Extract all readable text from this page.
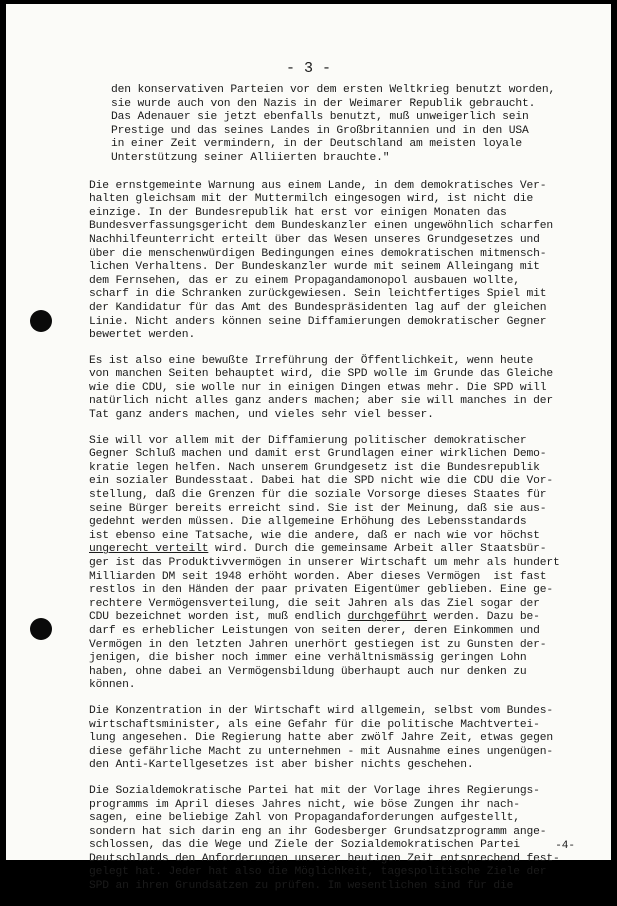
- 3 -
den konservativen Parteien vor dem ersten Weltkrieg benutzt worden,
sie wurde auch von den Nazis in der Weimarer Republik gebraucht.
Das Adenauer sie jetzt ebenfalls benutzt, muß unweigerlich sein
Prestige und das seines Landes in Großbritannien und in den USA
in einer Zeit vermindern, in der Deutschland am meisten loyale
Unterstützung seiner Alliierten brauchte."
Die ernstgemeinte Warnung aus einem Lande, in dem demokratisches Ver-
halten gleichsam mit der Muttermilch eingesogen wird, ist nicht die
einzige. In der Bundesrepublik hat erst vor einigen Monaten das
Bundesverfassungsgericht dem Bundeskanzler einen ungewöhnlich scharfen
Nachhilfeunterricht erteilt über das Wesen unseres Grundgesetzes und
über die menschenwürdigen Bedingungen eines demokratischen mitmensch-
lichen Verhaltens. Der Bundeskanzler wurde mit seinem Alleingang mit
dem Fernsehen, das er zu einem Propagandamonopol ausbauen wollte,
scharf in die Schranken zurückgewiesen. Sein leichtfertiges Spiel mit
der Kandidatur für das Amt des Bundespräsidenten lag auf der gleichen
Linie. Nicht anders können seine Diffamierungen demokratischer Gegner
bewertet werden.
Es ist also eine bewußte Irreführung der Öffentlichkeit, wenn heute
von manchen Seiten behauptet wird, die SPD wolle im Grunde das Gleiche
wie die CDU, sie wolle nur in einigen Dingen etwas mehr. Die SPD will
natürlich nicht alles ganz anders machen; aber sie will manches in der
Tat ganz anders machen, und vieles sehr viel besser.
Sie will vor allem mit der Diffamierung politischer demokratischer
Gegner Schluß machen und damit erst Grundlagen einer wirklichen Demo-
kratie legen helfen. Nach unserem Grundgesetz ist die Bundesrepublik
ein sozialer Bundesstaat. Dabei hat die SPD nicht wie die CDU die Vor-
stellung, daß die Grenzen für die soziale Vorsorge dieses Staates für
seine Bürger bereits erreicht sind. Sie ist der Meinung, daß sie aus-
gedehnt werden müssen. Die allgemeine Erhöhung des Lebensstandards
ist ebenso eine Tatsache, wie die andere, daß er nach wie vor höchst
ungerecht verteilt wird. Durch die gemeinsame Arbeit aller Staatsbür-
ger ist das Produktivvermögen in unserer Wirtschaft um mehr als hundert
Milliarden DM seit 1948 erhöht worden. Aber dieses Vermögen  ist fast
restlos in den Händen der paar privaten Eigentümer geblieben. Eine ge-
rechtere Vermögensverteilung, die seit Jahren als das Ziel sogar der
CDU bezeichnet worden ist, muß endlich durchgeführt werden. Dazu be-
darf es erheblicher Leistungen von seiten derer, deren Einkommen und
Vermögen in den letzten Jahren unerhört gestiegen ist zu Gunsten der-
jenigen, die bisher noch immer eine verhältnismässig geringen Lohn
haben, ohne dabei an Vermögensbildung überhaupt auch nur denken zu
können.
Die Konzentration in der Wirtschaft wird allgemein, selbst vom Bundes-
wirtschaftsminister, als eine Gefahr für die politische Machtvertei-
lung angesehen. Die Regierung hatte aber zwölf Jahre Zeit, etwas gegen
diese gefährliche Macht zu unternehmen - mit Ausnahme eines ungenügen-
den Anti-Kartellgesetzes ist aber bisher nichts geschehen.
Die Sozialdemokratische Partei hat mit der Vorlage ihres Regierungs-
programms im April dieses Jahres nicht, wie böse Zungen ihr nach-
sagen, eine beliebige Zahl von Propagandaforderungen aufgestellt,
sondern hat sich darin eng an ihr Godesberger Grundsatzprogramm ange-
schlossen, das die Wege und Ziele der Sozialdemokratischen Partei
Deutschlands den Anforderungen unserer heutigen Zeit entsprechend fest-
gelegt hat. Jeder hat also die Möglichkeit, tagespolitische Ziele der
SPD an ihren Grundsätzen zu prüfen. Im wesentlichen sind für die
-4-
